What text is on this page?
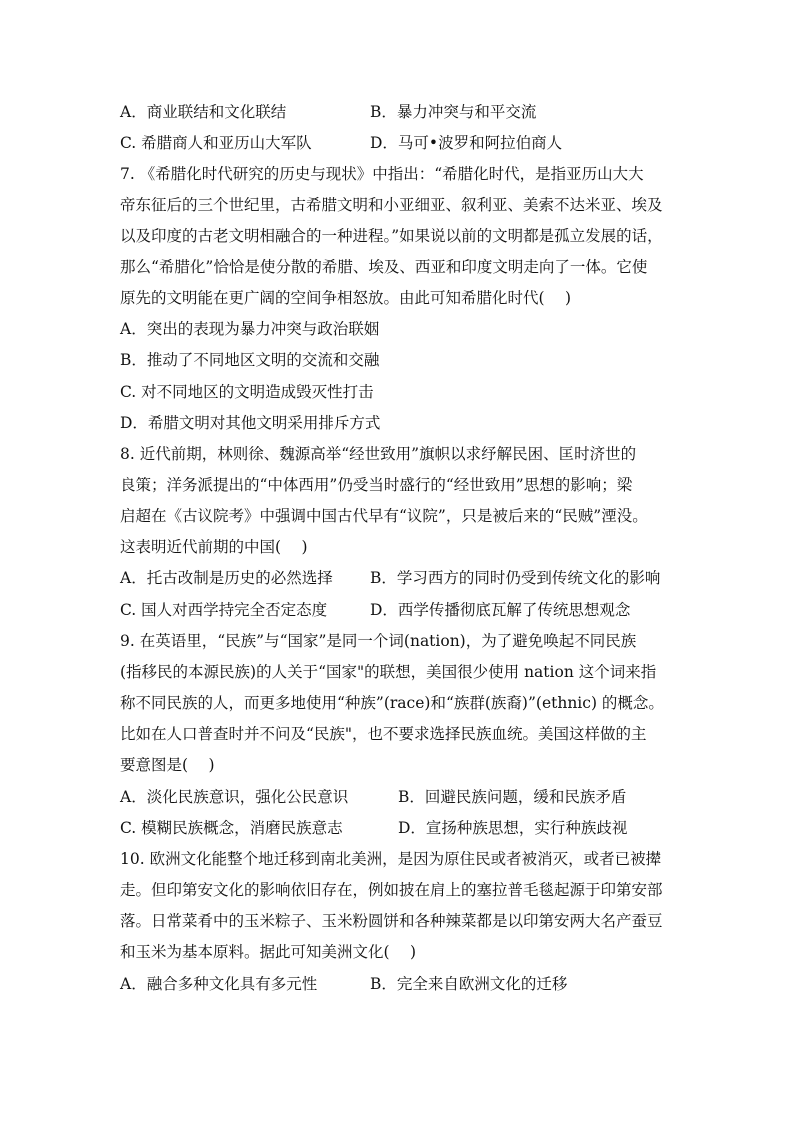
A．商业联结和文化联结	B．暴力冲突与和平交流
C. 希腊商人和亚历山大军队	D．马可•波罗和阿拉伯商人
7. 《希腊化时代研究的历史与现状》中指出：“希腊化时代，是指亚历山大大
帝东征后的三个世纪里，古希腊文明和小亚细亚、叙利亚、美索不达米亚、埃及
以及印度的古老文明相融合的一种进程。”如果说以前的文明都是孤立发展的话，
那么“希腊化”恰恰是使分散的希腊、埃及、西亚和印度文明走向了一体。它使
原先的文明能在更广阔的空间争相怒放。由此可知希腊化时代(　 )
A．突出的表现为暴力冲突与政治联姻
B．推动了不同地区文明的交流和交融
C. 对不同地区的文明造成毁灭性打击
D．希腊文明对其他文明采用排斥方式
8. 近代前期，林则徐、魏源高举“经世致用”旗帜以求纾解民困、匡时济世的
良策；洋务派提出的“中体西用”仍受当时盛行的“经世致用”思想的影响；梁
启超在《古议院考》中强调中国古代早有“议院”，只是被后来的“民贼”湮没。
这表明近代前期的中国(　 )
A．托古改制是历史的必然选择 B．学习西方的同时仍受到传统文化的影响
C. 国人对西学持完全否定态度	D．西学传播彻底瓦解了传统思想观念
9. 在英语里，“民族”与“国家”是同一个词(nation)，为了避免唤起不同民族
(指移民的本源民族)的人关于“国家"的联想，美国很少使用 nation 这个词来指
称不同民族的人，而更多地使用“种族”(race)和“族群(族裔)”(ethnic) 的概念。
比如在人口普查时并不问及“民族"，也不要求选择民族血统。美国这样做的主
要意图是(　 )
A．淡化民族意识，强化公民意识	B．回避民族问题，缓和民族矛盾
C. 模糊民族概念，消磨民族意志	D．宣扬种族思想，实行种族歧视
10. 欧洲文化能整个地迁移到南北美洲，是因为原住民或者被消灭，或者已被撵
走。但印第安文化的影响依旧存在，例如披在肩上的塞拉普毛毯起源于印第安部
落。日常菜肴中的玉米粽子、玉米粉圆饼和各种辣菜都是以印第安两大名产蚕豆
和玉米为基本原料。据此可知美洲文化(　 )
A．融合多种文化具有多元性	B．完全来自欧洲文化的迁移
